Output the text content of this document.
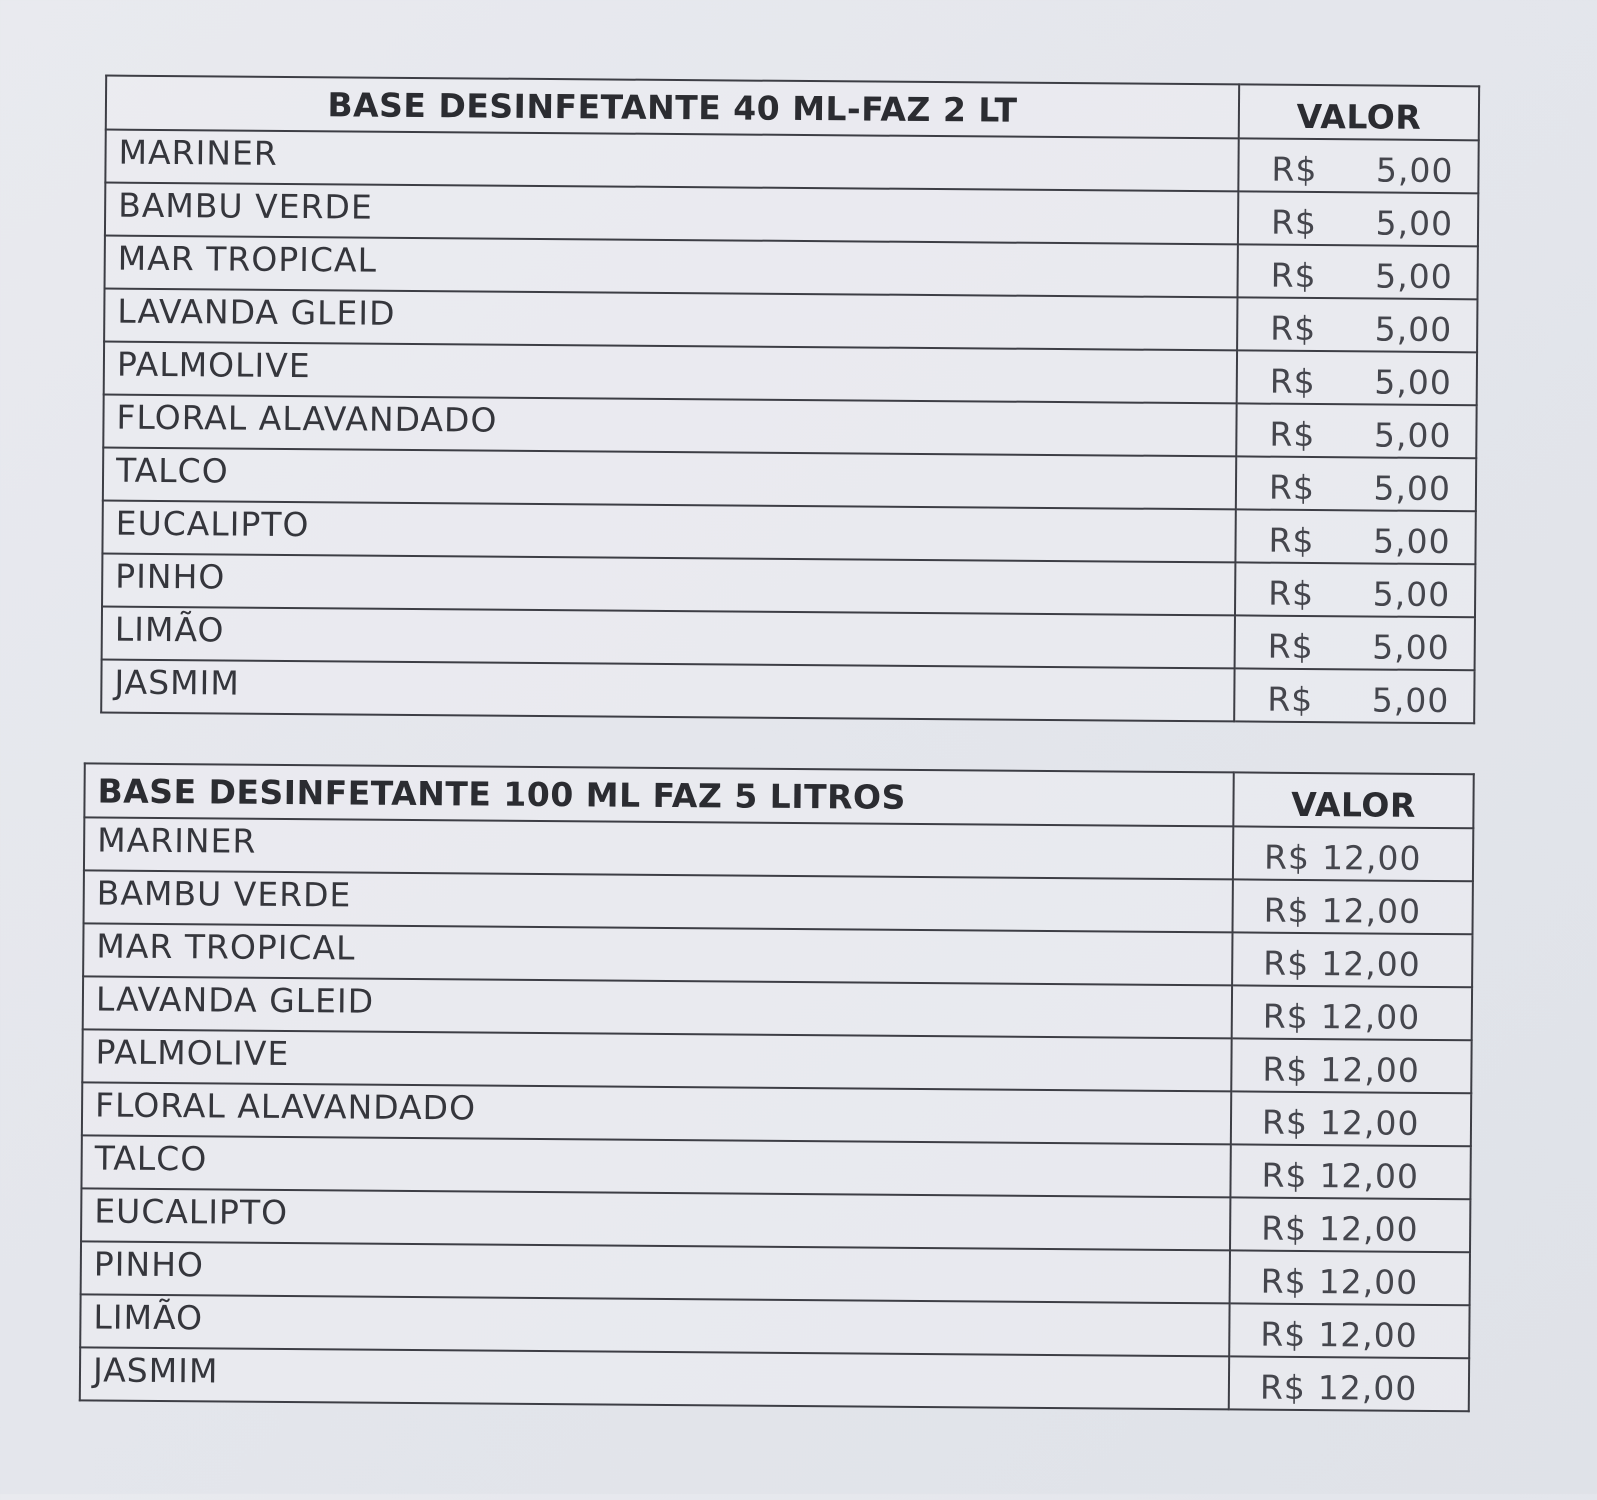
BASE DESINFETANTE 40 ML-FAZ 2 LT	VALOR
MARINER	R$ 5,00

BAMBU VERDE	R$ 5,00

MAR TROPICAL	R$ 5,00

LAVANDA GLEID	R$ 5,00

PALMOLIVE	R$ 5,00

FLORAL ALAVANDADO	R$ 5,00

TALCO	R$ 5,00

EUCALIPTO	R$ 5,00

PINHO	R$ 5,00

LIMÃO	R$ 5,00

JASMIM	R$ 5,00
BASE DESINFETANTE 100 ML FAZ 5 LITROS	VALOR
MARINER	R$ 12,00

BAMBU VERDE	R$ 12,00

MAR TROPICAL	R$ 12,00

LAVANDA GLEID	R$ 12,00

PALMOLIVE	R$ 12,00

FLORAL ALAVANDADO	R$ 12,00

TALCO	R$ 12,00

EUCALIPTO	R$ 12,00

PINHO	R$ 12,00

LIMÃO	R$ 12,00

JASMIM	R$ 12,00
